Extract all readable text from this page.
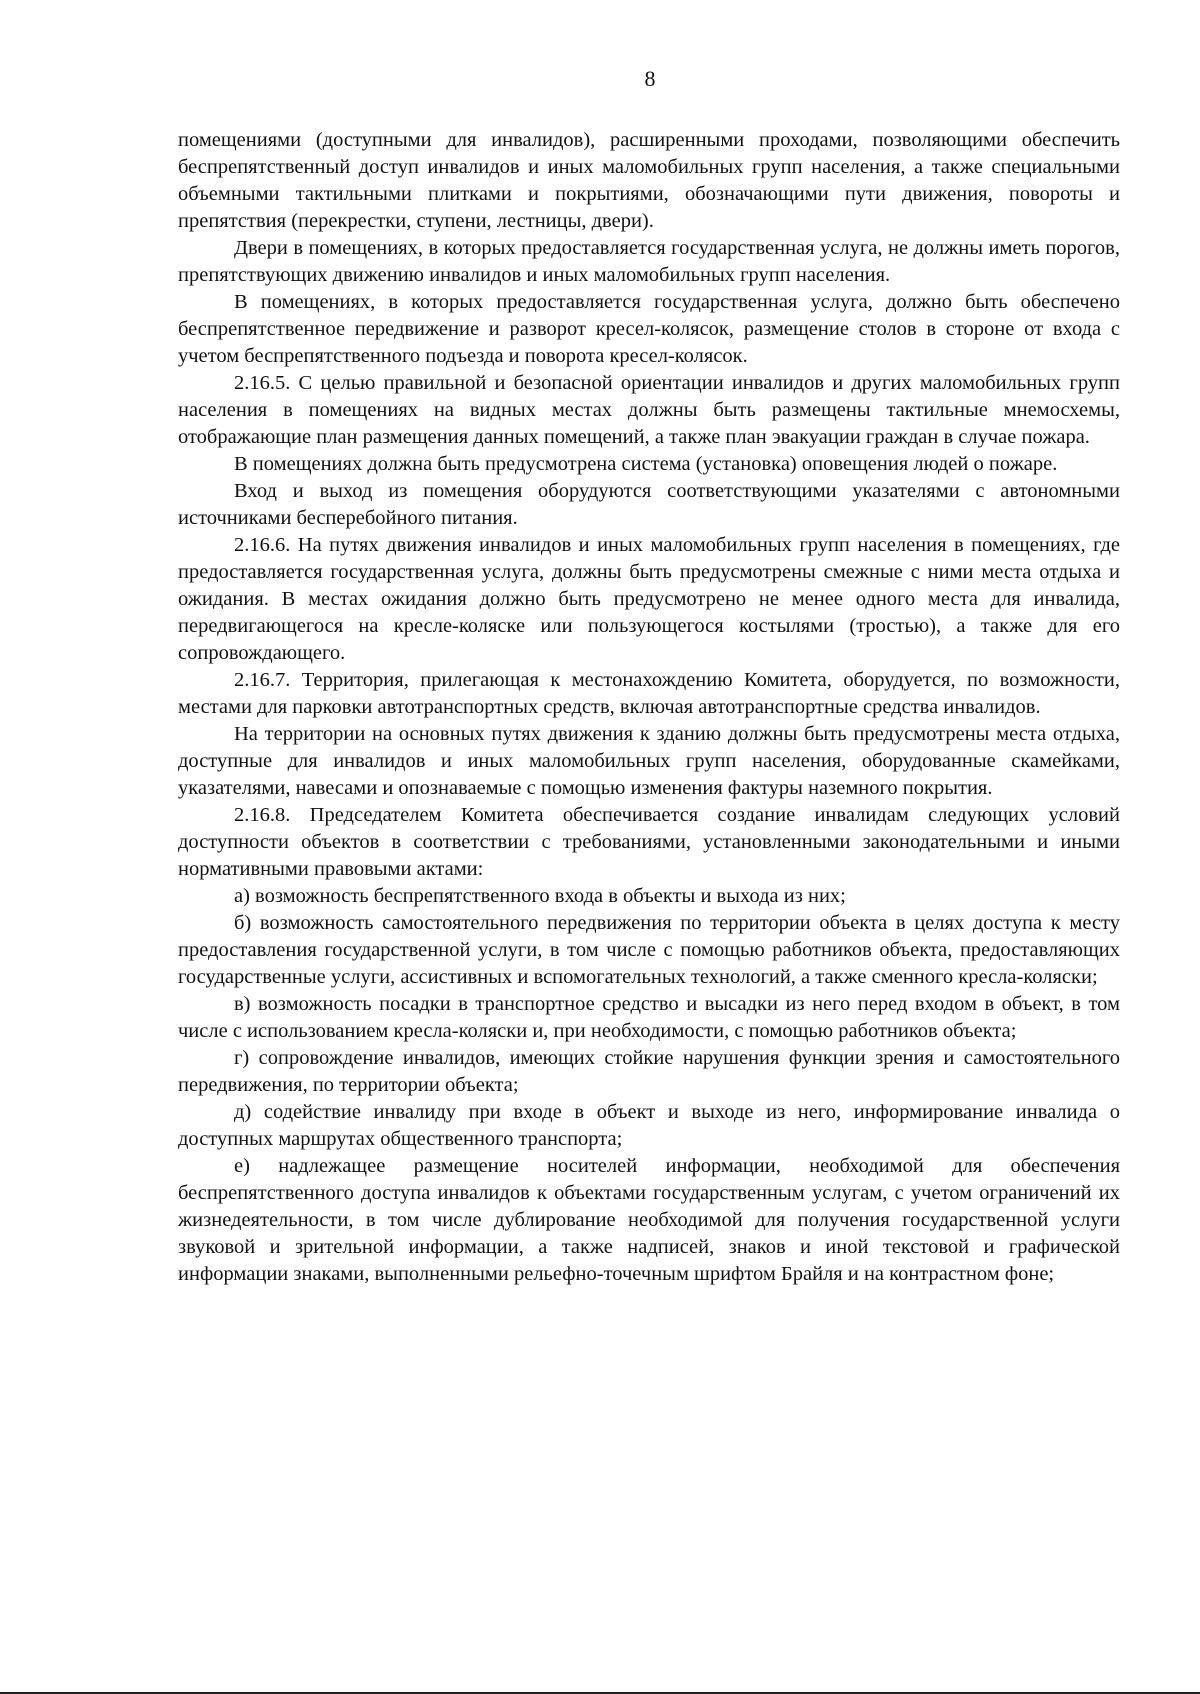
8

помещениями (доступными для инвалидов), расширенными проходами, позволяющими обеспечить беспрепятственный доступ инвалидов и иных маломобильных групп населения, а также специальными объемными тактильными плитками и покрытиями, обозначающими пути движения, повороты и препятствия (перекрестки, ступени, лестницы, двери).

Двери в помещениях, в которых предоставляется государственная услуга, не должны иметь порогов, препятствующих движению инвалидов и иных маломобильных групп населения.

В помещениях, в которых предоставляется государственная услуга, должно быть обеспечено беспрепятственное передвижение и разворот кресел-колясок, размещение столов в стороне от входа с учетом беспрепятственного подъезда и поворота кресел-колясок.

2.16.5. С целью правильной и безопасной ориентации инвалидов и других маломобильных групп населения в помещениях на видных местах должны быть размещены тактильные мнемосхемы, отображающие план размещения данных помещений, а также план эвакуации граждан в случае пожара.

В помещениях должна быть предусмотрена система (установка) оповещения людей о пожаре.

Вход и выход из помещения оборудуются соответствующими указателями с автономными источниками бесперебойного питания.

2.16.6. На путях движения инвалидов и иных маломобильных групп населения в помещениях, где предоставляется государственная услуга, должны быть предусмотрены смежные с ними места отдыха и ожидания. В местах ожидания должно быть предусмотрено не менее одного места для инвалида, передвигающегося на кресле-коляске или пользующегося костылями (тростью), а также для его сопровождающего.

2.16.7. Территория, прилегающая к местонахождению Комитета, оборудуется, по возможности, местами для парковки автотранспортных средств, включая автотранспортные средства инвалидов.

На территории на основных путях движения к зданию должны быть предусмотрены места отдыха, доступные для инвалидов и иных маломобильных групп населения, оборудованные скамейками, указателями, навесами и опознаваемые с помощью изменения фактуры наземного покрытия.

2.16.8. Председателем Комитета обеспечивается создание инвалидам следующих условий доступности объектов в соответствии с требованиями, установленными законодательными и иными нормативными правовыми актами:

а) возможность беспрепятственного входа в объекты и выхода из них;

б) возможность самостоятельного передвижения по территории объекта в целях доступа к месту предоставления государственной услуги, в том числе с помощью работников объекта, предоставляющих государственные услуги, ассистивных и вспомогательных технологий, а также сменного кресла-коляски;

в) возможность посадки в транспортное средство и высадки из него перед входом в объект, в том числе с использованием кресла-коляски и, при необходимости, с помощью работников объекта;

г) сопровождение инвалидов, имеющих стойкие нарушения функции зрения и самостоятельного передвижения, по территории объекта;

д) содействие инвалиду при входе в объект и выходе из него, информирование инвалида о доступных маршрутах общественного транспорта;

е) надлежащее размещение носителей информации, необходимой для обеспечения беспрепятственного доступа инвалидов к объектами государственным услугам, с учетом ограничений их жизнедеятельности, в том числе дублирование необходимой для получения государственной услуги звуковой и зрительной информации, а также надписей, знаков и иной текстовой и графической информации знаками, выполненными рельефно-точечным шрифтом Брайля и на контрастном фоне;
